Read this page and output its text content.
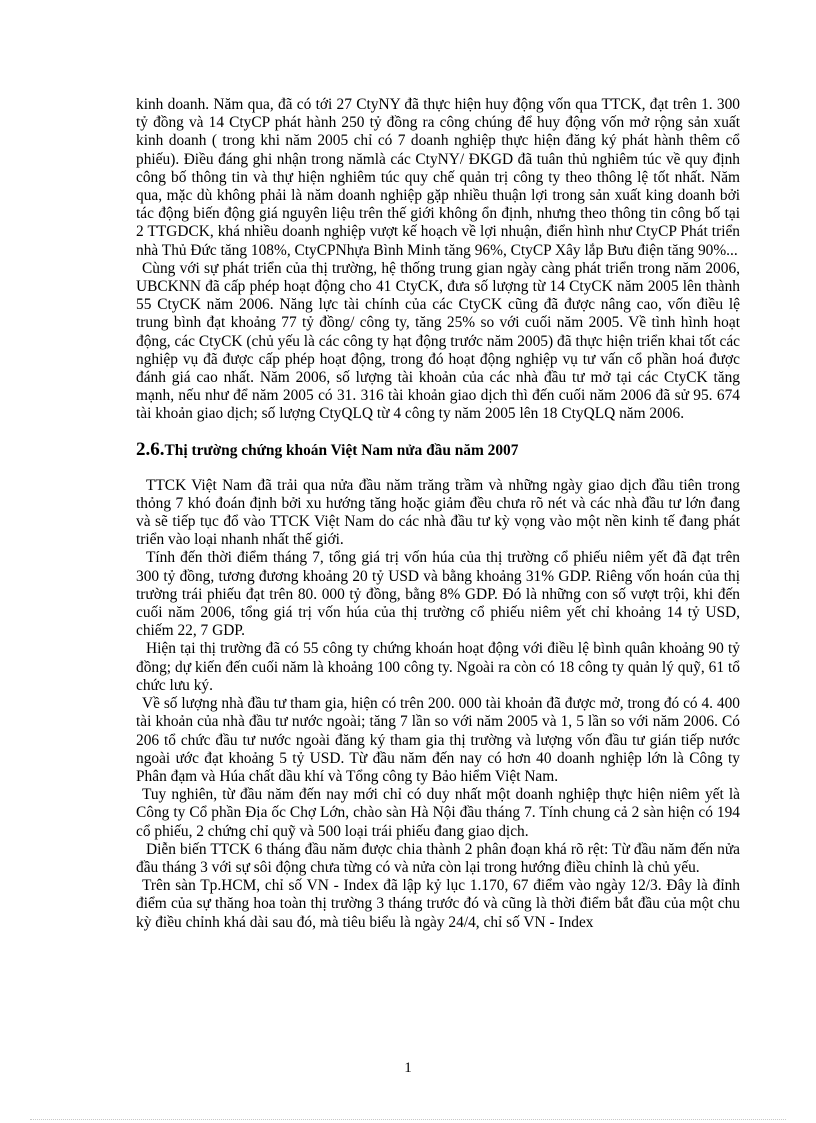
kinh doanh. Năm qua, đã có tới 27 CtyNY đã thực hiện huy động vốn qua TTCK, đạt trên 1. 300 tỷ đồng và 14 CtyCP phát hành 250 tỷ đồng ra công chúng để huy động vốn mở rộng sản xuất kinh doanh ( trong khi năm 2005 chỉ có 7 doanh nghiệp thực hiện đăng ký phát hành thêm cổ phiếu). Điều đáng ghi nhận trong nămlà các CtyNY/ ĐKGD đã tuân thủ nghiêm túc về quy định công bố thông tin và thự hiện nghiêm túc quy chế quản trị công ty theo thông lệ tốt nhất. Năm qua, mặc dù không phải là năm doanh nghiệp gặp nhiều thuận lợi trong sản xuất king doanh bởi tác động biến động giá nguyên liệu trên thế giới không ổn định, nhưng theo thông tin công bố tại 2 TTGDCK, khá nhiều doanh nghiệp vượt kế hoạch về lợi nhuận, điển hình như CtyCP Phát triển nhà Thủ Đức tăng 108%, CtyCPNhựa Bình Minh tăng 96%, CtyCP Xây lắp Bưu điện tăng 90%...

Cùng với sự phát triển của thị trường, hệ thống trung gian ngày càng phát triển trong năm 2006, UBCKNN đã cấp phép hoạt động cho 41 CtyCK, đưa số lượng từ 14 CtyCK năm 2005 lên thành 55 CtyCK năm 2006. Năng lực tài chính của các CtyCK cũng đã được nâng cao, vốn điều lệ trung bình đạt khoảng 77 tỷ đồng/ công ty, tăng 25% so với cuối năm 2005. Về tình hình hoạt động, các CtyCK (chủ yếu là các công ty hạt động trước năm 2005) đã thực hiện triển khai tốt các nghiệp vụ đã được cấp phép hoạt động, trong đó hoạt động nghiệp vụ tư vấn cổ phần hoá được đánh giá cao nhất. Năm 2006, số lượng tài khoản của các nhà đầu tư mở tại các CtyCK tăng mạnh, nếu như để năm 2005 có 31. 316 tài khoản giao dịch thì đến cuối năm 2006 đã sử 95. 674 tài khoản giao dịch; số lượng CtyQLQ từ 4 công ty năm 2005 lên 18 CtyQLQ năm 2006.

2.6.Thị trường chứng khoán Việt Nam nửa đầu năm 2007

TTCK Việt Nam đã trải qua nửa đầu năm trăng trầm và những ngày giao dịch đầu tiên trong thỏng 7 khó đoán định bởi xu hướng tăng hoặc giảm đều chưa rõ nét và các nhà đầu tư lớn đang và sẽ tiếp tục đổ vào TTCK Việt Nam do các nhà đầu tư kỳ vọng vào một nền kinh tế đang phát triển vào loại nhanh nhất thế giới.

Tính đến thời điểm tháng 7, tổng giá trị vốn húa của thị trường cổ phiếu niêm yết đã đạt trên 300 tỷ đồng, tương đương khoảng 20 tỷ USD và bằng khoảng 31% GDP. Riêng vốn hoán của thị trường trái phiếu đạt trên 80. 000 tỷ đồng, bằng 8% GDP. Đó là những con số vượt trội, khi đến cuối năm 2006, tổng giá trị vốn húa của thị trường cổ phiếu niêm yết chỉ khoảng 14 tỷ USD, chiếm 22, 7 GDP.

Hiện tại thị trường đã có 55 công ty chứng khoán hoạt động với điều lệ bình quân khoảng 90 tỷ đồng; dự kiến đến cuối năm là khoảng 100 công ty. Ngoài ra còn có 18 công ty quản lý quỹ, 61 tổ chức lưu ký.

Về số lượng nhà đầu tư tham gia, hiện có trên 200. 000 tài khoản đã được mở, trong đó có 4. 400 tài khoản của nhà đầu tư nước ngoài; tăng 7 lần so với năm 2005 và 1, 5 lần so với năm 2006. Có 206 tổ chức đầu tư nước ngoài đăng ký tham gia thị trường và lượng vốn đầu tư gián tiếp nước ngoài ước đạt khoảng 5 tỷ USD. Từ đầu năm đến nay có hơn 40 doanh nghiệp lớn là Công ty Phân đạm và Húa chất dầu khí và Tổng công ty Bảo hiểm Việt Nam.

Tuy nghiên, từ đầu năm đến nay mới chỉ có duy nhất một doanh nghiệp thực hiện niêm yết là Công ty Cổ phần Địa ốc Chợ Lớn, chào sàn Hà Nội đầu tháng 7. Tính chung cả 2 sàn hiện có 194 cổ phiếu, 2 chứng chỉ quỹ và 500 loại trái phiếu đang giao dịch.

Diễn biến TTCK 6 tháng đầu năm được chia thành 2 phân đoạn khá rõ rệt: Từ đầu năm đến nửa đầu tháng 3 với sự sôi động chưa từng có và nửa còn lại trong hướng điều chỉnh là chủ yếu.

Trên sàn Tp.HCM, chỉ số VN - Index đã lập kỷ lục 1.170, 67 điểm vào ngày 12/3. Đây là đỉnh điểm của sự thăng hoa toàn thị trường 3 tháng trước đó và cũng là thời điểm bắt đầu của một chu kỳ điều chỉnh khá dài sau đó, mà tiêu biểu là ngày 24/4, chỉ số VN - Index

1
